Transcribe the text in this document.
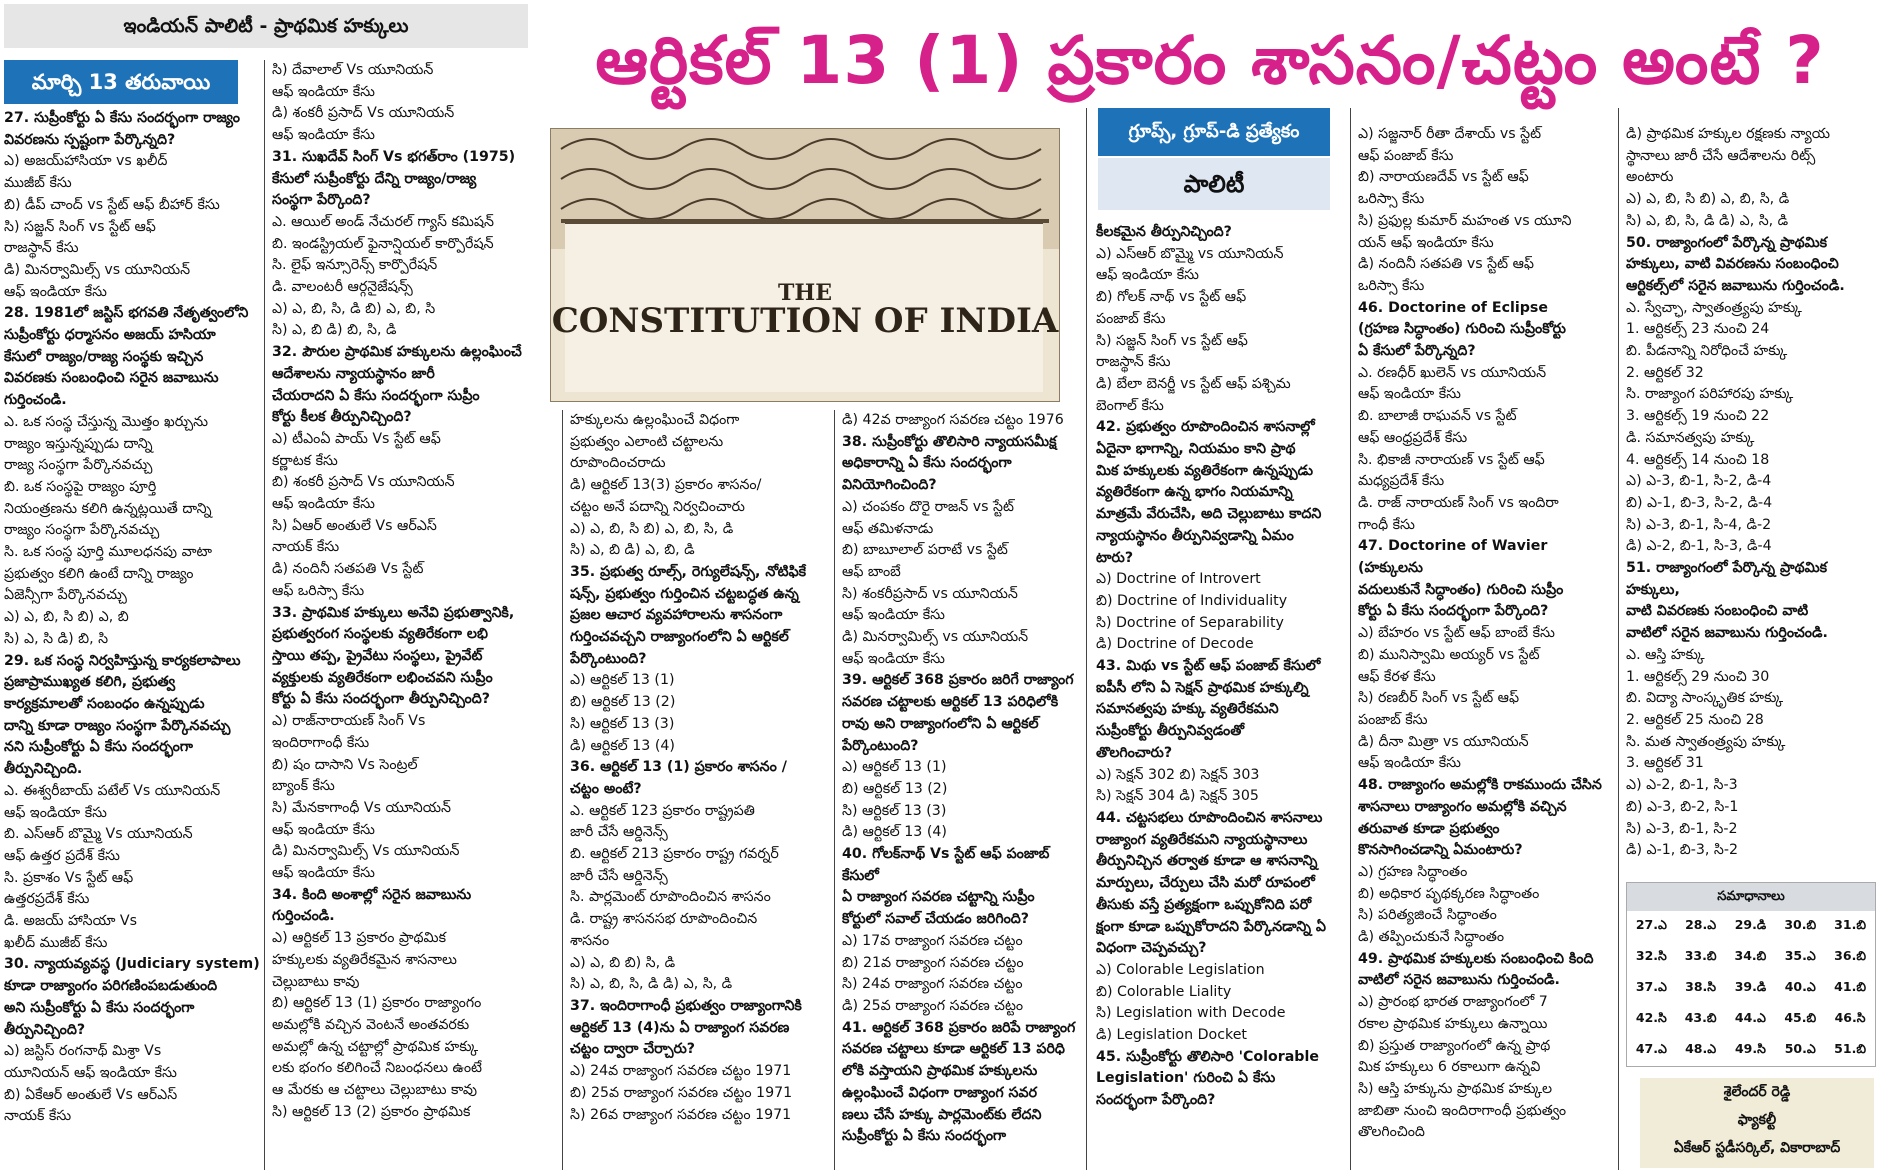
ఇండియన్ పాలిటీ - ప్రాథమిక హక్కులు
మార్చి 13 తరువాయి	ఆర్టికల్ 13 (1) ప్రకారం శాసనం/చట్టం అంటే ?
THE
CONSTITUTION OF INDIA
గ్రూప్స్, గ్రూప్-డి ప్రత్యేకం
పాలిటీ

27. సుప్రీంకోర్టు ఏ కేసు సందర్భంగా రాజ్యం

వివరణను స్పష్టంగా పేర్కొన్నది?

ఎ) అజయ్‌హాసియా vs ఖలీద్

ముజీబ్ కేసు

బి) డీప్ చాంద్ vs స్టేట్ ఆఫ్ బీహార్ కేసు

సి) సజ్జన్ సింగ్ vs స్టేట్ ఆఫ్

రాజస్థాన్ కేసు

డి) మినర్వామిల్స్ vs యూనియన్

ఆఫ్ ఇండియా కేసు

28. 1981లో జస్టిస్ భగవతి నేతృత్వంలోని

సుప్రీంకోర్టు ధర్మాసనం అజయ్ హసియా

కేసులో రాజ్యం/రాజ్య సంస్థకు ఇచ్చిన

వివరణకు సంబంధించి సరైన జవాబును

గుర్తించండి.

ఎ. ఒక సంస్థ చేస్తున్న మొత్తం ఖర్చును

రాజ్యం ఇస్తున్నప్పుడు దాన్ని

రాజ్య సంస్థగా పేర్కొనవచ్చు

బి. ఒక సంస్థపై రాజ్యం పూర్తి

నియంత్రణను కలిగి ఉన్నట్లయితే దాన్ని

రాజ్యం సంస్థగా పేర్కొనవచ్చు

సి. ఒక సంస్థ పూర్తి మూలధనపు వాటా

ప్రభుత్వం కలిగి ఉంటే దాన్ని రాజ్యం

ఏజెన్సీగా పేర్కొనవచ్చు

ఎ) ఎ, బి, సి బి) ఎ, బి

సి) ఎ, సి డి) బి, సి

29. ఒక సంస్థ నిర్వహిస్తున్న కార్యకలాపాలు

ప్రజాప్రాముఖ్యత కలిగి, ప్రభుత్వ

కార్యక్రమాలతో సంబంధం ఉన్నప్పుడు

దాన్ని కూడా రాజ్యం సంస్థగా పేర్కొనవచ్చు

నని సుప్రీంకోర్టు ఏ కేసు సందర్భంగా

తీర్పునిచ్చింది.

ఎ. ఈశ్వరీబాయ్ పటేల్ Vs యూనియన్

ఆఫ్ ఇండియా కేసు

బి. ఎస్ఆర్ బొమ్మై Vs యూనియన్

ఆఫ్ ఉత్తర ప్రదేశ్ కేసు

సి. ప్రకాశం Vs స్టేట్ ఆఫ్

ఉత్తరప్రదేశ్ కేసు

డి. అజయ్ హాసియా Vs

ఖలీద్ ముజీబ్ కేసు

30. న్యాయవ్యవస్థ (Judiciary system)

కూడా రాజ్యాంగం పరిగణింపబడుతుంది

అని సుప్రీంకోర్టు ఏ కేసు సందర్భంగా

తీర్పునిచ్చింది?

ఎ) జస్టిస్ రంగనాథ్ మిశ్రా Vs

యూనియన్ ఆఫ్ ఇండియా కేసు

బి) ఏకేఆర్ అంతులే Vs ఆర్ఎస్

నాయక్ కేసు

సి) దేవాలాల్ Vs యూనియన్

ఆఫ్ ఇండియా కేసు

డి) శంకరీ ప్రసాద్ Vs యూనియన్

ఆఫ్ ఇండియా కేసు

31. సుఖదేవ్ సింగ్ Vs భగత్‌రాం (1975)

కేసులో సుప్రీంకోర్టు దేన్ని రాజ్యం/రాజ్య

సంస్థగా పేర్కొంది?

ఎ. ఆయిల్ అండ్ నేచురల్ గ్యాస్ కమిషన్

బి. ఇండస్ట్రియల్ ఫైనాన్షియల్ కార్పొరేషన్

సి. లైఫ్ ఇన్సూరెన్స్ కార్పొరేషన్

డి. వాలంటరీ ఆర్గనైజేషన్స్

ఎ) ఎ, బి, సి, డి బి) ఎ, బి, సి

సి) ఎ, బి డి) బి, సి, డి

32. పౌరుల ప్రాథమిక హక్కులను ఉల్లంఘించే

ఆదేశాలను న్యాయస్థానం జారీ

చేయరాదని ఏ కేసు సందర్భంగా సుప్రీం

కోర్టు కీలక తీర్పునిచ్చింది?

ఎ) టీఎంఏ పాయ్ Vs స్టేట్ ఆఫ్

కర్ణాటక కేసు

బి) శంకరీ ప్రసాద్ Vs యూనియన్

ఆఫ్ ఇండియా కేసు

సి) ఏఆర్ అంతులే Vs ఆర్ఎస్

నాయక్ కేసు

డి) నందినీ సతపతి Vs స్టేట్

ఆఫ్ ఒరిస్సా కేసు

33. ప్రాథమిక హక్కులు అనేవి ప్రభుత్వానికి,

ప్రభుత్వరంగ సంస్థలకు వ్యతిరేకంగా లభి

స్తాయి తప్ప, ప్రైవేటు సంస్థలు, ప్రైవేట్

వ్యక్తులకు వ్యతిరేకంగా లభించవని సుప్రీం

కోర్టు ఏ కేసు సందర్భంగా తీర్పునిచ్చింది?

ఎ) రాజ్‌నారాయణ్ సింగ్ Vs

ఇందిరాగాంధీ కేసు

బి) షం దాసాని Vs సెంట్రల్

బ్యాంక్ కేసు

సి) మేనకాగాంధీ Vs యూనియన్

ఆఫ్ ఇండియా కేసు

డి) మినర్వామిల్స్ Vs యూనియన్

ఆఫ్ ఇండియా కేసు

34. కింది అంశాల్లో సరైన జవాబును

గుర్తించండి.

ఎ) ఆర్టికల్ 13 ప్రకారం ప్రాథమిక

హక్కులకు వ్యతిరేకమైన శాసనాలు

చెల్లుబాటు కావు

బి) ఆర్టికల్ 13 (1) ప్రకారం రాజ్యాంగం

అమల్లోకి వచ్చిన వెంటనే అంతవరకు

అమల్లో ఉన్న చట్టాల్లో ప్రాథమిక హక్కు

లకు భంగం కలిగించే నిబంధనలు ఉంటే

ఆ మేరకు ఆ చట్టాలు చెల్లుబాటు కావు

సి) ఆర్టికల్ 13 (2) ప్రకారం ప్రాథమిక

హక్కులను ఉల్లంఘించే విధంగా

ప్రభుత్వం ఎలాంటి చట్టాలను

రూపొందించరాదు

డి) ఆర్టికల్ 13(3) ప్రకారం శాసనం/

చట్టం అనే పదాన్ని నిర్వచించారు

ఎ) ఎ, బి, సి బి) ఎ, బి, సి, డి

సి) ఎ, బి డి) ఎ, బి, డి

35. ప్రభుత్వ రూల్స్, రెగ్యులేషన్స్, నోటిఫికే

షన్స్, ప్రభుత్వం గుర్తించిన చట్టబద్ధత ఉన్న

ప్రజల ఆచార వ్యవహారాలను శాసనంగా

గుర్తించవచ్చని రాజ్యాంగంలోని ఏ ఆర్టికల్

పేర్కొంటుంది?

ఎ) ఆర్టికల్ 13 (1)

బి) ఆర్టికల్ 13 (2)

సి) ఆర్టికల్ 13 (3)

డి) ఆర్టికల్ 13 (4)

36. ఆర్టికల్ 13 (1) ప్రకారం శాసనం /

చట్టం అంటే?

ఎ. ఆర్టికల్ 123 ప్రకారం రాష్ట్రపతి

జారీ చేసే ఆర్డినెన్స్

బి. ఆర్టికల్ 213 ప్రకారం రాష్ట్ర గవర్నర్

జారీ చేసే ఆర్డినెన్స్

సి. పార్లమెంట్ రూపొందించిన శాసనం

డి. రాష్ట్ర శాసనసభ రూపొందించిన

శాసనం

ఎ) ఎ, బి బి) సి, డి

సి) ఎ, బి, సి, డి డి) ఎ, సి, డి

37. ఇందిరాగాంధీ ప్రభుత్వం రాజ్యాంగానికి

ఆర్టికల్ 13 (4)ను ఏ రాజ్యాంగ సవరణ

చట్టం ద్వారా చేర్చారు?

ఎ) 24వ రాజ్యాంగ సవరణ చట్టం 1971

బి) 25వ రాజ్యాంగ సవరణ చట్టం 1971

సి) 26వ రాజ్యాంగ సవరణ చట్టం 1971

డి) 42వ రాజ్యాంగ సవరణ చట్టం 1976

38. సుప్రీంకోర్టు తొలిసారి న్యాయసమీక్ష

అధికారాన్ని ఏ కేసు సందర్భంగా

వినియోగించింది?

ఎ) చంపకం దొరై రాజన్ vs స్టేట్

ఆఫ్ తమిళనాడు

బి) బాబూలాల్ పరాటే vs స్టేట్

ఆఫ్ బాంబే

సి) శంకరీప్రసాద్ vs యూనియన్

ఆఫ్ ఇండియా కేసు

డి) మినర్వామిల్స్ vs యూనియన్

ఆఫ్ ఇండియా కేసు

39. ఆర్టికల్ 368 ప్రకారం జరిగే రాజ్యాంగ

సవరణ చట్టాలకు ఆర్టికల్ 13 పరిధిలోకి

రావు అని రాజ్యాంగంలోని ఏ ఆర్టికల్

పేర్కొంటుంది?

ఎ) ఆర్టికల్ 13 (1)

బి) ఆర్టికల్ 13 (2)

సి) ఆర్టికల్ 13 (3)

డి) ఆర్టికల్ 13 (4)

40. గోలక్‌నాథ్ Vs స్టేట్ ఆఫ్ పంజాబ్ కేసులో

ఏ రాజ్యాంగ సవరణ చట్టాన్ని సుప్రీం

కోర్టులో సవాల్ చేయడం జరిగింది?

ఎ) 17వ రాజ్యాంగ సవరణ చట్టం

బి) 21వ రాజ్యాంగ సవరణ చట్టం

సి) 24వ రాజ్యాంగ సవరణ చట్టం

డి) 25వ రాజ్యాంగ సవరణ చట్టం

41. ఆర్టికల్ 368 ప్రకారం జరిపే రాజ్యాంగ

సవరణ చట్టాలు కూడా ఆర్టికల్ 13 పరిధి

లోకి వస్తాయని ప్రాథమిక హక్కులను

ఉల్లంఘించే విధంగా రాజ్యాంగ సవర

ణలు చేసే హక్కు పార్లమెంట్‌కు లేదని

సుప్రీంకోర్టు ఏ కేసు సందర్భంగా

కీలకమైన తీర్పునిచ్చింది?

ఎ) ఎస్ఆర్ బొమ్మై vs యూనియన్

ఆఫ్ ఇండియా కేసు

బి) గోలక్ నాథ్ vs స్టేట్ ఆఫ్

పంజాబ్ కేసు

సి) సజ్జన్ సింగ్ vs స్టేట్ ఆఫ్

రాజస్థాన్ కేసు

డి) బేలా బెనర్జీ vs స్టేట్ ఆఫ్ పశ్చిమ

బెంగాల్ కేసు

42. ప్రభుత్వం రూపొందించిన శాసనాల్లో

ఏదైనా భాగాన్ని, నియమం కాని ప్రాథ

మిక హక్కులకు వ్యతిరేకంగా ఉన్నప్పుడు

వ్యతిరేకంగా ఉన్న భాగం నియమాన్ని

మాత్రమే వేరుచేసి, అది చెల్లుబాటు కాదని

న్యాయస్థానం తీర్పునివ్వడాన్ని ఏమం

టారు?

ఎ) Doctrine of Introvert

బి) Doctrine of Individuality

సి) Doctrine of Separability

డి) Doctrine of Decode

43. మిథు vs స్టేట్ ఆఫ్ పంజాబ్ కేసులో

ఐపీసీ లోని ఏ సెక్షన్ ప్రాథమిక హక్కుల్ని

సమానత్వపు హక్కు వ్యతిరేకమని

సుప్రీంకోర్టు తీర్పునివ్వడంతో

తొలగించారు?

ఎ) సెక్షన్ 302 బి) సెక్షన్ 303

సి) సెక్షన్ 304 డి) సెక్షన్ 305

44. చట్టసభలు రూపొందించిన శాసనాలు

రాజ్యాంగ వ్యతిరేకమని న్యాయస్థానాలు

తీర్పునిచ్చిన తర్వాత కూడా ఆ శాసనాన్ని

మార్పులు, చేర్పులు చేసి మరో రూపంలో

తీసుకు వస్తే ప్రత్యక్షంగా ఒప్పుకోనిది పరో

క్షంగా కూడా ఒప్పుకోరాదని పేర్కొనడాన్ని ఏ

విధంగా చెప్పవచ్చు?

ఎ) Colorable Legislation

బి) Colorable Liality

సి) Legislation with Decode

డి) Legislation Docket

45. సుప్రీంకోర్టు తొలిసారి 'Colorable

Legislation' గురించి ఏ కేసు

సందర్భంగా పేర్కొంది?

ఎ) సజ్జనార్ రీతా దేశాయ్ vs స్టేట్

ఆఫ్ పంజాబ్ కేసు

బి) నారాయణదేవ్ vs స్టేట్ ఆఫ్

ఒరిస్సా కేసు

సి) ప్రఫుల్ల కుమార్ మహంత vs యూని

యన్ ఆఫ్ ఇండియా కేసు

డి) నందినీ సతపతి vs స్టేట్ ఆఫ్

ఒరిస్సా కేసు

46. Doctorine of Eclipse

(గ్రహణ సిద్ధాంతం) గురించి సుప్రీంకోర్టు

ఏ కేసులో పేర్కొన్నది?

ఎ. రణధీర్ ఖులెన్ vs యూనియన్

ఆఫ్ ఇండియా కేసు

బి. బాలాజీ రాఘవన్ vs స్టేట్

ఆఫ్ ఆంధ్రప్రదేశ్ కేసు

సి. భికాజీ నారాయణ్ vs స్టేట్ ఆఫ్

మధ్యప్రదేశ్ కేసు

డి. రాజ్ నారాయణ్ సింగ్ vs ఇందిరా

గాంధీ కేసు

47. Doctorine of Wavier (హక్కులను

వదులుకునే సిద్ధాంతం) గురించి సుప్రీం

కోర్టు ఏ కేసు సందర్భంగా పేర్కొంది?

ఎ) బేహరం vs స్టేట్ ఆఫ్ బాంబే కేసు

బి) మునిస్వామి అయ్యర్ vs స్టేట్

ఆఫ్ కేరళ కేసు

సి) రణబీర్ సింగ్ vs స్టేట్ ఆఫ్

పంజాబ్ కేసు

డి) దీనా మిత్రా vs యూనియన్

ఆఫ్ ఇండియా కేసు

48. రాజ్యాంగం అమల్లోకి రాకముందు చేసిన

శాసనాలు రాజ్యాంగం అమల్లోకి వచ్చిన

తరువాత కూడా ప్రభుత్వం

కొనసాగించడాన్ని ఏమంటారు?

ఎ) గ్రహణ సిద్ధాంతం

బి) అధికార పృథక్కరణ సిద్ధాంతం

సి) పరిత్యజించే సిద్ధాంతం

డి) తప్పించుకునే సిద్ధాంతం

49. ప్రాథమిక హక్కులకు సంబంధించి కింది

వాటిలో సరైన జవాబును గుర్తించండి.

ఎ) ప్రారంభ భారత రాజ్యాంగంలో 7

రకాల ప్రాథమిక హక్కులు ఉన్నాయి

బి) ప్రస్తుత రాజ్యాంగంలో ఉన్న ప్రాథ

మిక హక్కులు 6 రకాలుగా ఉన్నవి

సి) ఆస్తి హక్కును ప్రాథమిక హక్కుల

జాబితా నుంచి ఇందిరాగాంధీ ప్రభుత్వం

తొలగించింది

డి) ప్రాథమిక హక్కుల రక్షణకు న్యాయ

స్థానాలు జారీ చేసే ఆదేశాలను రిట్స్

అంటారు

ఎ) ఎ, బి, సి బి) ఎ, బి, సి, డి

సి) ఎ, బి, సి, డి డి) ఎ, సి, డి

50. రాజ్యాంగంలో పేర్కొన్న ప్రాథమిక

హక్కులు, వాటి వివరణను సంబంధించి

ఆర్టికల్స్‌లో సరైన జవాబును గుర్తించండి.

ఎ. స్వేచ్ఛా, స్వాతంత్ర్యపు హక్కు

1. ఆర్టికల్స్ 23 నుంచి 24

బి. పీడనాన్ని నిరోధించే హక్కు

2. ఆర్టికల్ 32

సి. రాజ్యాంగ పరిహారపు హక్కు

3. ఆర్టికల్స్ 19 నుంచి 22

డి. సమానత్వపు హక్కు

4. ఆర్టికల్స్ 14 నుంచి 18

ఎ) ఎ-3, బి-1, సి-2, డి-4

బి) ఎ-1, బి-3, సి-2, డి-4

సి) ఎ-3, బి-1, సి-4, డి-2

డి) ఎ-2, బి-1, సి-3, డి-4

51. రాజ్యాంగంలో పేర్కొన్న ప్రాథమిక హక్కులు,

వాటి వివరణకు సంబంధించి వాటి

వాటిలో సరైన జవాబును గుర్తించండి.

ఎ. ఆస్తి హక్కు

1. ఆర్టికల్స్ 29 నుంచి 30

బి. విద్యా సాంస్కృతిక హక్కు

2. ఆర్టికల్ 25 నుంచి 28

సి. మత స్వాతంత్ర్యపు హక్కు

3. ఆర్టికల్ 31

ఎ) ఎ-2, బి-1, సి-3

బి) ఎ-3, బి-2, సి-1

సి) ఎ-3, బి-1, సి-2

డి) ఎ-1, బి-3, సి-2

సమాధానాలు
27.ఎ	28.ఎ	29.డి	30.బి	31.బి
32.సి	33.బి	34.బి	35.ఎ	36.బి
37.ఎ	38.సి	39.డి	40.ఎ	41.బి
42.సి	43.బి	44.ఎ	45.బి	46.సి
47.ఎ	48.ఎ	49.సి	50.ఎ	51.బి
శైలేందర్ రెడ్డి
ఫ్యాకల్టీ
ఏకేఆర్ స్టడీసర్కిల్, వికారాబాద్
